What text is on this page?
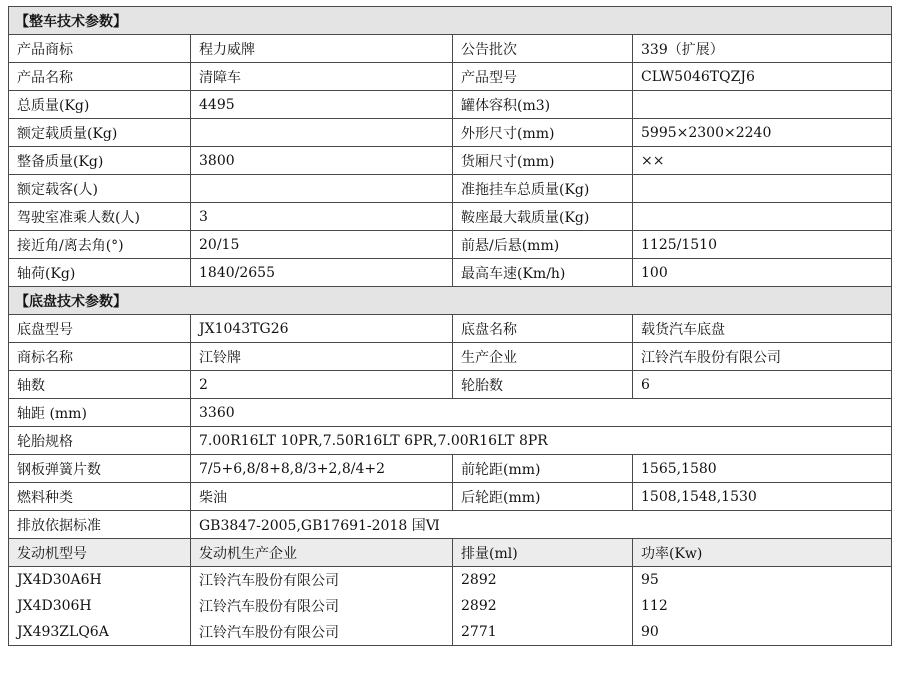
【整车技术参数】			
产品商标	程力威牌	公告批次	339（扩展）
产品名称	清障车	产品型号	CLW5046TQZJ6
总质量(Kg)	4495	罐体容积(m3)	
额定载质量(Kg)		外形尺寸(mm)	5995×2300×2240
整备质量(Kg)	3800	货厢尺寸(mm)	××
额定载客(人)		准拖挂车总质量(Kg)	
驾驶室准乘人数(人)	3	鞍座最大载质量(Kg)	
接近角/离去角(°)	20/15	前悬/后悬(mm)	1125/1510
轴荷(Kg)	1840/2655	最高车速(Km/h)	100
【底盘技术参数】			
底盘型号	JX1043TG26	底盘名称	载货汽车底盘
商标名称	江铃牌	生产企业	江铃汽车股份有限公司
轴数	2	轮胎数	6
轴距 (mm)	3360		
轮胎规格	7.00R16LT 10PR,7.50R16LT 6PR,7.00R16LT 8PR		
钢板弹簧片数	7/5+6,8/8+8,8/3+2,8/4+2	前轮距(mm)	1565,1580
燃料种类	柴油	后轮距(mm)	1508,1548,1530
排放依据标准	GB3847-2005,GB17691-2018 国Ⅵ		
发动机型号	发动机生产企业	排量(ml)	功率(Kw)
JX4D30A6H	江铃汽车股份有限公司	2892	95
JX4D306H	江铃汽车股份有限公司	2892	112
JX493ZLQ6A	江铃汽车股份有限公司	2771	90
